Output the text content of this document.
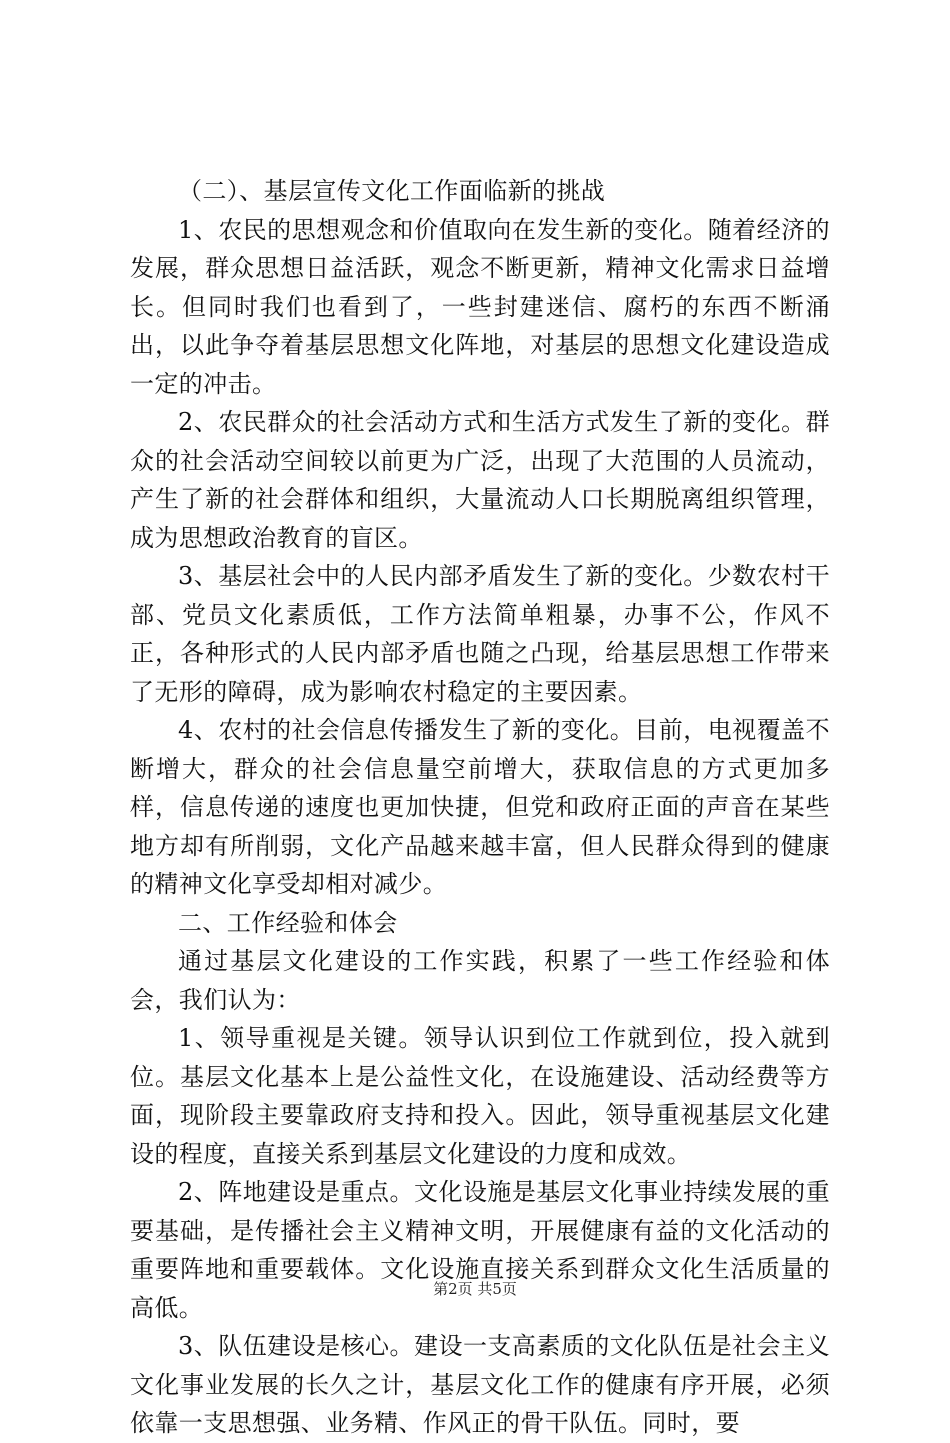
（二）、基层宣传文化工作面临新的挑战

1、农民的思想观念和价值取向在发生新的变化。随着经济的发展，群众思想日益活跃，观念不断更新，精神文化需求日益增长。但同时我们也看到了，一些封建迷信、腐朽的东西不断涌出，以此争夺着基层思想文化阵地，对基层的思想文化建设造成一定的冲击。

2、农民群众的社会活动方式和生活方式发生了新的变化。群众的社会活动空间较以前更为广泛，出现了大范围的人员流动，产生了新的社会群体和组织，大量流动人口长期脱离组织管理，成为思想政治教育的盲区。

3、基层社会中的人民内部矛盾发生了新的变化。少数农村干部、党员文化素质低，工作方法简单粗暴，办事不公，作风不正，各种形式的人民内部矛盾也随之凸现，给基层思想工作带来了无形的障碍，成为影响农村稳定的主要因素。

4、农村的社会信息传播发生了新的变化。目前，电视覆盖不断增大，群众的社会信息量空前增大，获取信息的方式更加多样，信息传递的速度也更加快捷，但党和政府正面的声音在某些地方却有所削弱，文化产品越来越丰富，但人民群众得到的健康的精神文化享受却相对减少。

二、工作经验和体会

通过基层文化建设的工作实践，积累了一些工作经验和体会，我们认为：

1、领导重视是关键。领导认识到位工作就到位，投入就到位。基层文化基本上是公益性文化，在设施建设、活动经费等方面，现阶段主要靠政府支持和投入。因此，领导重视基层文化建设的程度，直接关系到基层文化建设的力度和成效。

2、阵地建设是重点。文化设施是基层文化事业持续发展的重要基础，是传播社会主义精神文明，开展健康有益的文化活动的重要阵地和重要载体。文化设施直接关系到群众文化生活质量的高低。

3、队伍建设是核心。建设一支高素质的文化队伍是社会主义文化事业发展的长久之计，基层文化工作的健康有序开展，必须依靠一支思想强、业务精、作风正的骨干队伍。同时，要

第2页 共5页
